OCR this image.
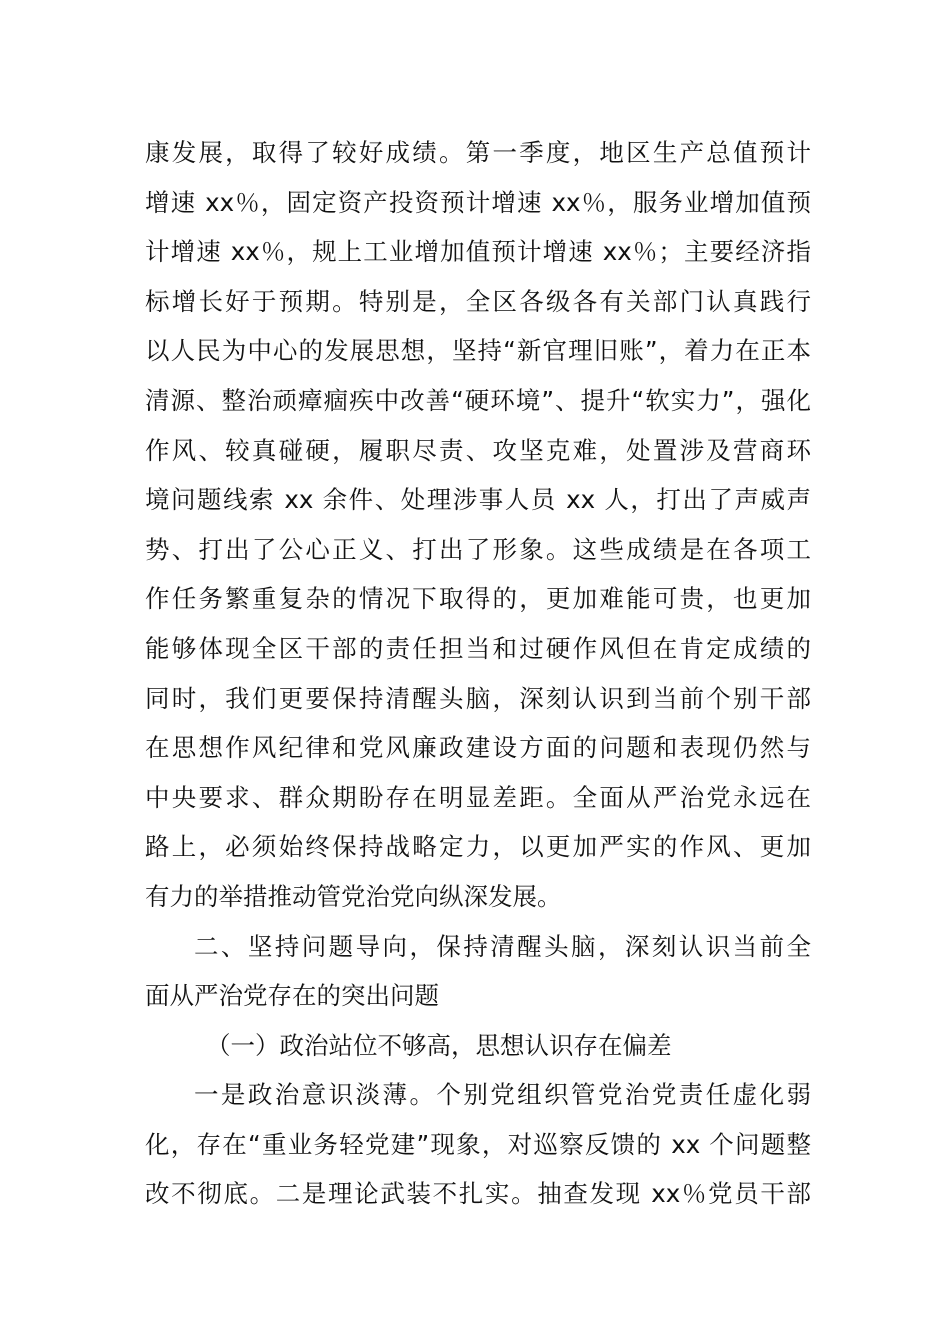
康发展，取得了较好成绩。第一季度，地区生产总值预计
增速 xx％，固定资产投资预计增速 xx％，服务业增加值预
计增速 xx％，规上工业增加值预计增速 xx％；主要经济指
标增长好于预期。特别是，全区各级各有关部门认真践行
以人民为中心的发展思想，坚持“新官理旧账”，着力在正本
清源、整治顽瘴痼疾中改善“硬环境”、提升“软实力”，强化
作风、较真碰硬，履职尽责、攻坚克难，处置涉及营商环
境问题线索 xx 余件、处理涉事人员 xx 人，打出了声威声
势、打出了公心正义、打出了形象。这些成绩是在各项工
作任务繁重复杂的情况下取得的，更加难能可贵，也更加
能够体现全区干部的责任担当和过硬作风但在肯定成绩的
同时，我们更要保持清醒头脑，深刻认识到当前个别干部
在思想作风纪律和党风廉政建设方面的问题和表现仍然与
中央要求、群众期盼存在明显差距。全面从严治党永远在
路上，必须始终保持战略定力，以更加严实的作风、更加
有力的举措推动管党治党向纵深发展。
二、坚持问题导向，保持清醒头脑，深刻认识当前全
面从严治党存在的突出问题
（一）政治站位不够高，思想认识存在偏差
一是政治意识淡薄。个别党组织管党治党责任虚化弱
化，存在“重业务轻党建”现象，对巡察反馈的 xx 个问题整
改不彻底。二是理论武装不扎实。抽查发现 xx％党员干部
